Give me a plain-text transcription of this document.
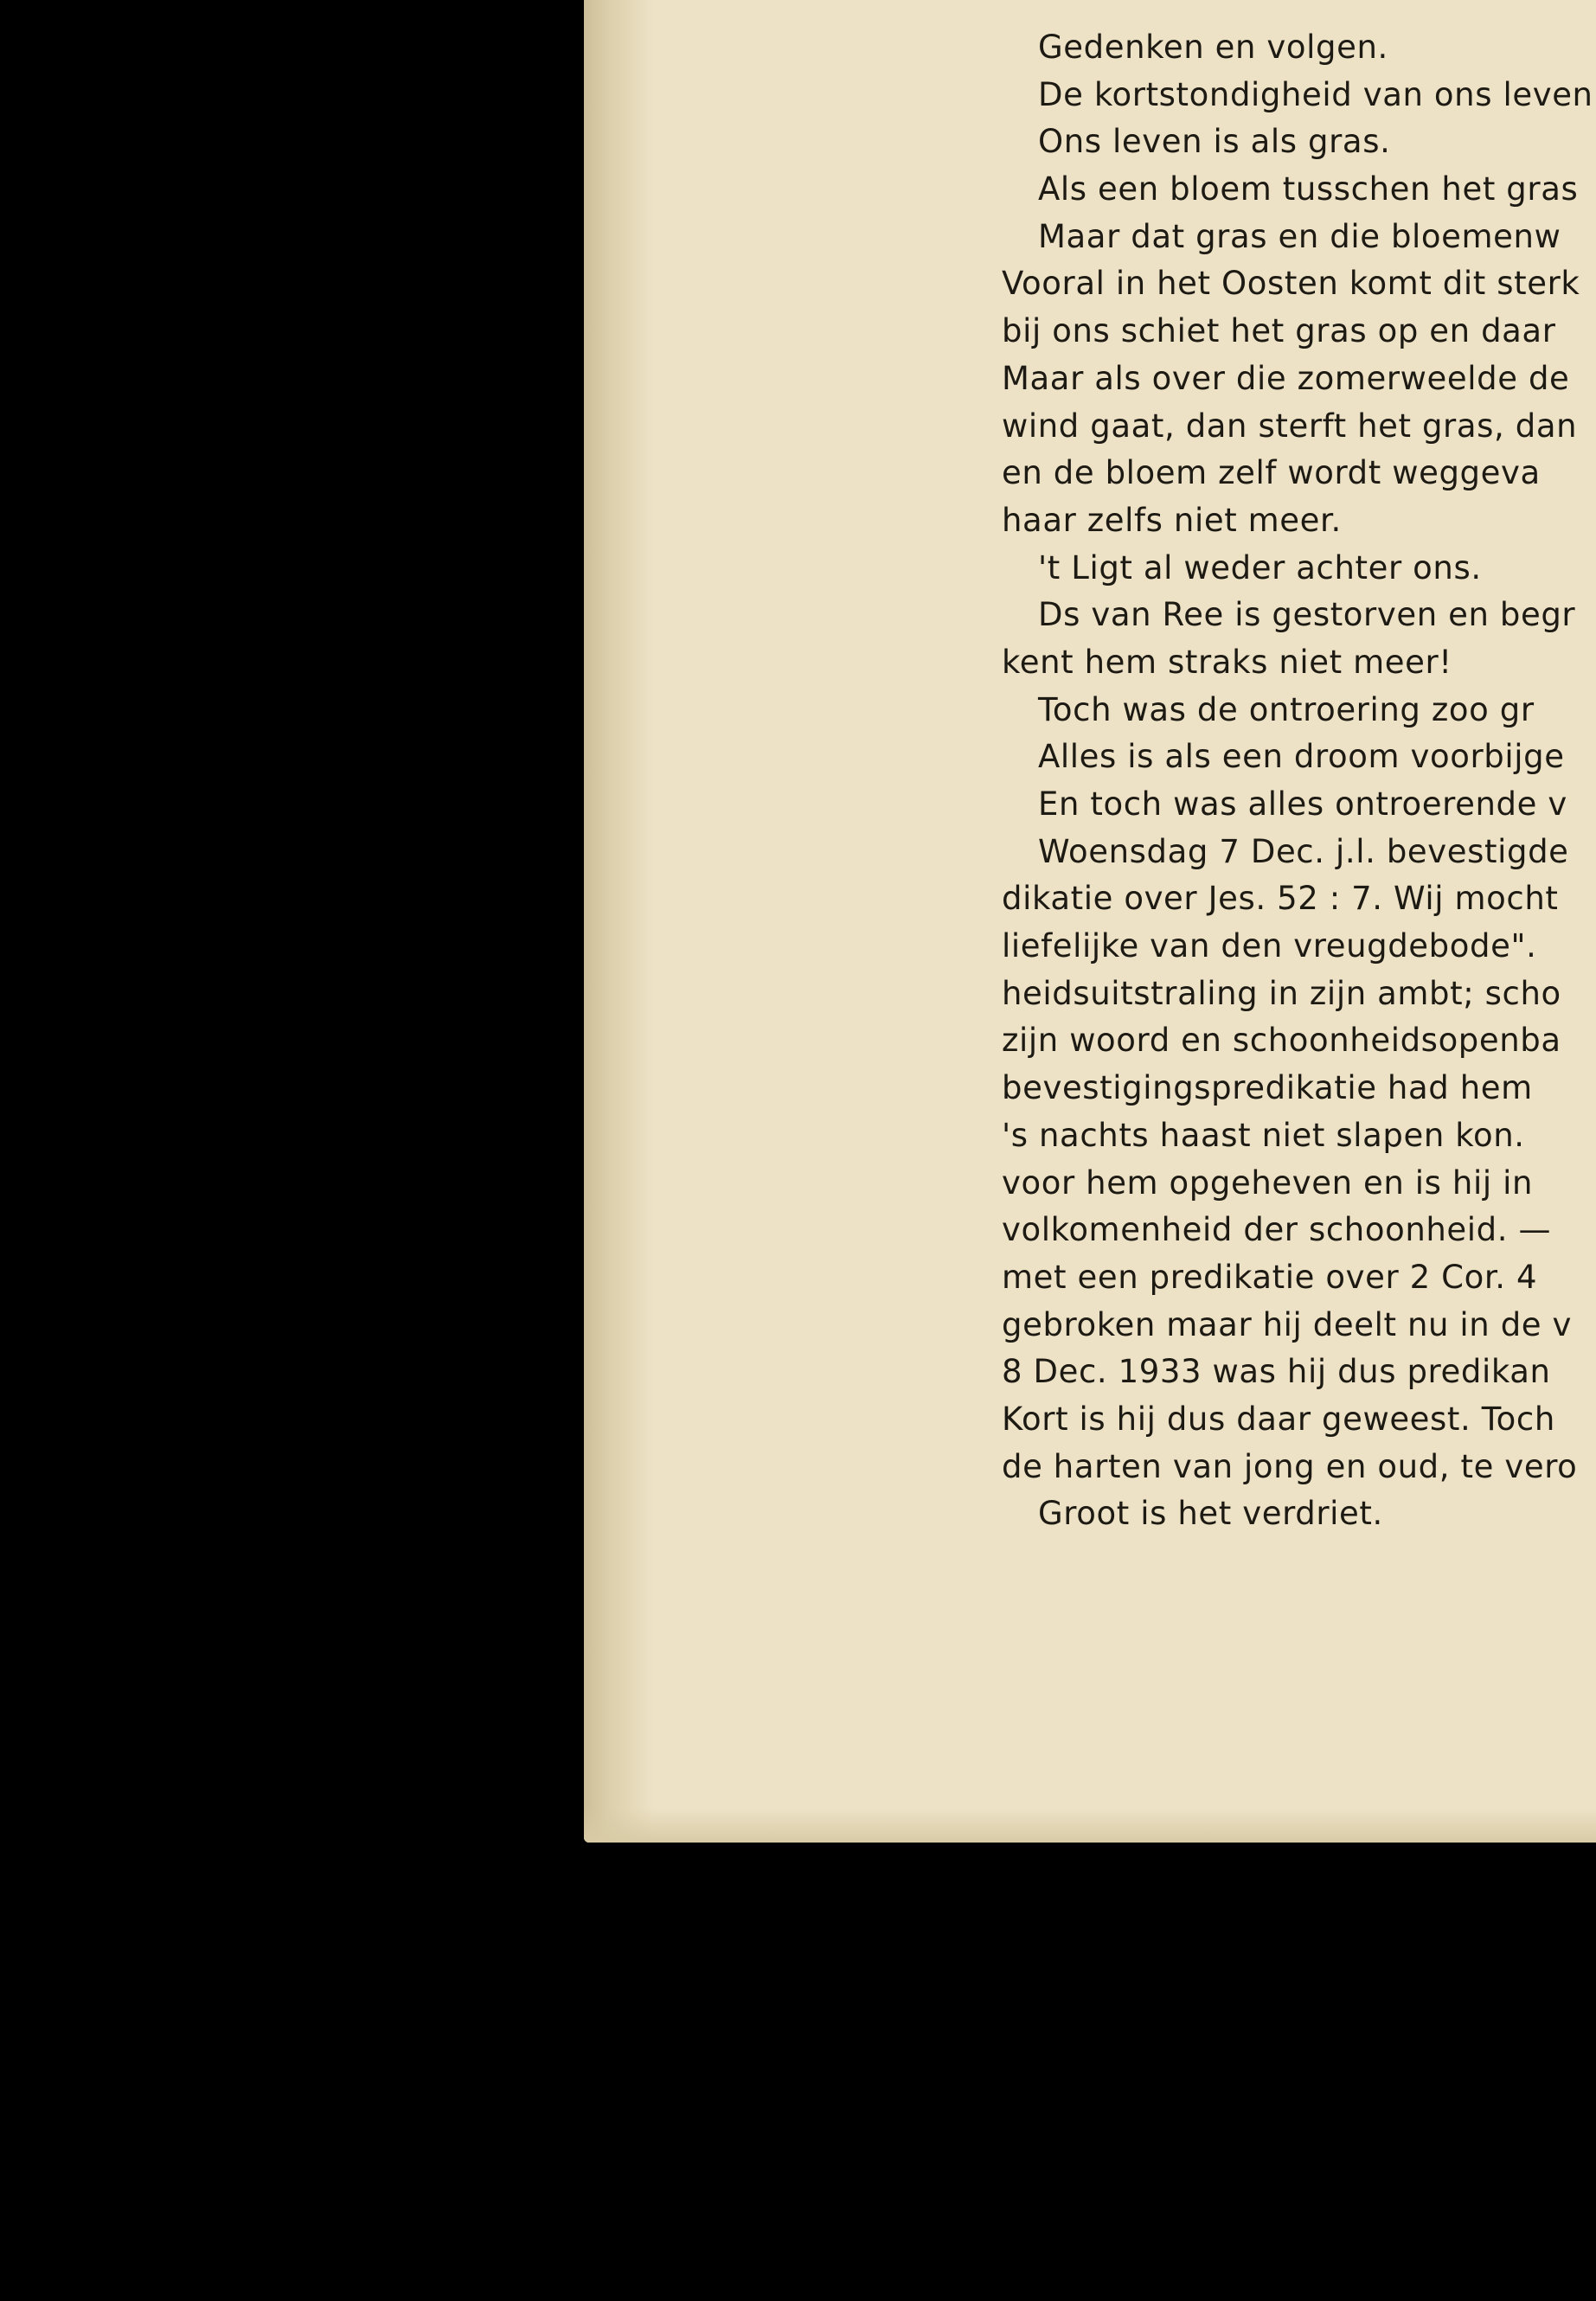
Gedenken en volgen.
De kortstondigheid van ons leven
Ons leven is als gras.
Als een bloem tusschen het gras
Maar dat gras en die bloemenw
Vooral in het Oosten komt dit sterk
bij ons schiet het gras op en daar
Maar als over die zomerweelde de
wind gaat, dan sterft het gras, dan
en de bloem zelf wordt weggeva
haar zelfs niet meer.
't Ligt al weder achter ons.
Ds van Ree is gestorven en begr
kent hem straks niet meer!
Toch was de ontroering zoo gr
Alles is als een droom voorbijge
En toch was alles ontroerende v
Woensdag 7 Dec. j.l. bevestigde
dikatie over Jes. 52 : 7. Wij mocht
liefelijke van den vreugdebode".
heidsuitstraling in zijn ambt; scho
zijn woord en schoonheidsopenba
bevestigingspredikatie had hem
's nachts haast niet slapen kon.
voor hem opgeheven en is hij in
volkomenheid der schoonheid. —
met een predikatie over 2 Cor. 4
gebroken maar hij deelt nu in de v
8 Dec. 1933 was hij dus predikan
Kort is hij dus daar geweest. Toch
de harten van jong en oud, te vero
Groot is het verdriet.
